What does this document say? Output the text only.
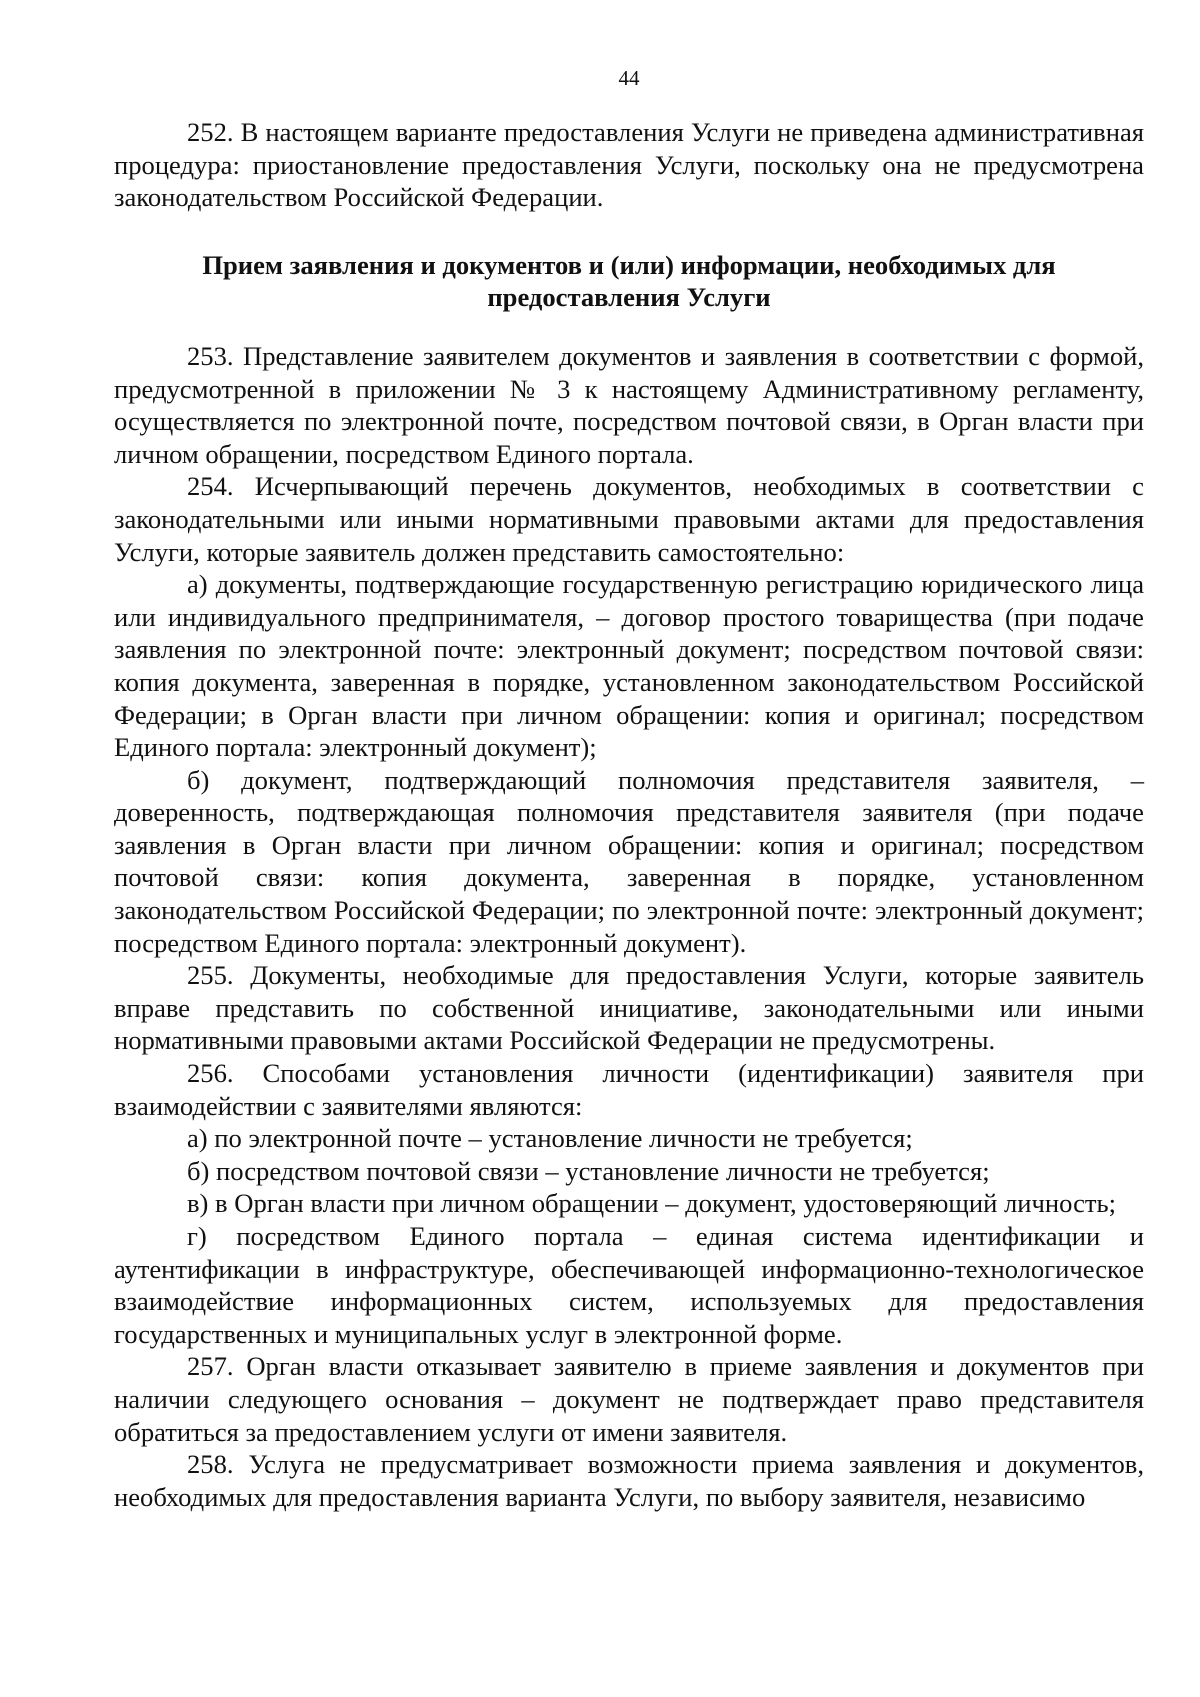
44

252. В настоящем варианте предоставления Услуги не приведена административная процедура: приостановление предоставления Услуги, поскольку она не предусмотрена законодательством Российской Федерации.

Прием заявления и документов и (или) информации, необходимых для предоставления Услуги

253. Представление заявителем документов и заявления в соответствии с формой, предусмотренной в приложении № 3 к настоящему Административному регламенту, осуществляется по электронной почте, посредством почтовой связи, в Орган власти при личном обращении, посредством Единого портала.

254. Исчерпывающий перечень документов, необходимых в соответствии с законодательными или иными нормативными правовыми актами для предоставления Услуги, которые заявитель должен представить самостоятельно:

а) документы, подтверждающие государственную регистрацию юридического лица или индивидуального предпринимателя, – договор простого товарищества (при подаче заявления по электронной почте: электронный документ; посредством почтовой связи: копия документа, заверенная в порядке, установленном законодательством Российской Федерации; в Орган власти при личном обращении: копия и оригинал; посредством Единого портала: электронный документ);

б) документ, подтверждающий полномочия представителя заявителя, – доверенность, подтверждающая полномочия представителя заявителя (при подаче заявления в Орган власти при личном обращении: копия и оригинал; посредством почтовой связи: копия документа, заверенная в порядке, установленном законодательством Российской Федерации; по электронной почте: электронный документ; посредством Единого портала: электронный документ).

255. Документы, необходимые для предоставления Услуги, которые заявитель вправе представить по собственной инициативе, законодательными или иными нормативными правовыми актами Российской Федерации не предусмотрены.

256. Способами установления личности (идентификации) заявителя при взаимодействии с заявителями являются:

а) по электронной почте – установление личности не требуется;

б) посредством почтовой связи – установление личности не требуется;

в) в Орган власти при личном обращении – документ, удостоверяющий личность;

г) посредством Единого портала – единая система идентификации и аутентификации в инфраструктуре, обеспечивающей информационно-технологическое взаимодействие информационных систем, используемых для предоставления государственных и муниципальных услуг в электронной форме.

257. Орган власти отказывает заявителю в приеме заявления и документов при наличии следующего основания – документ не подтверждает право представителя обратиться за предоставлением услуги от имени заявителя.

258. Услуга не предусматривает возможности приема заявления и документов, необходимых для предоставления варианта Услуги, по выбору заявителя, независимо
